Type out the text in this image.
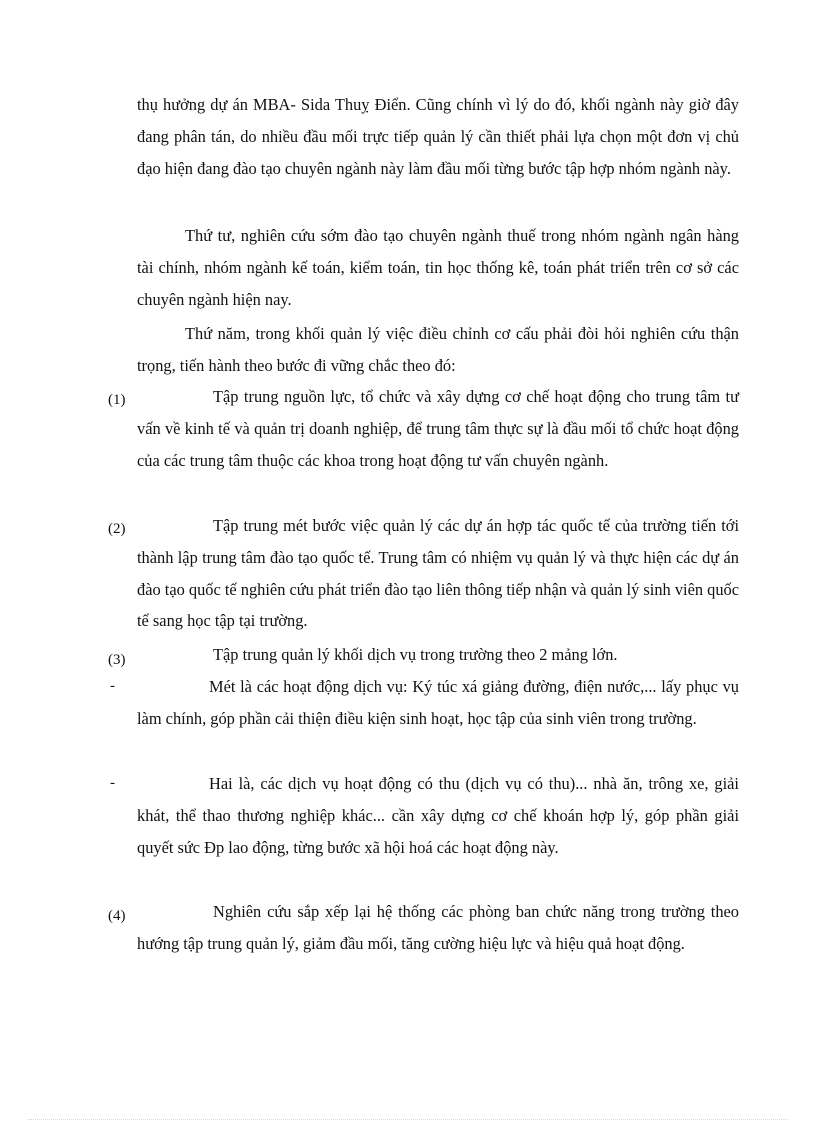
thụ hưởng dự án MBA- Sida Thuỵ Điển. Cũng chính vì lý do đó, khối ngành này giờ đây đang phân tán, do nhiều đầu mối trực tiếp quản lý cần thiết phải lựa chọn một đơn vị chủ đạo hiện đang đào tạo chuyên ngành này làm đầu mối từng bước tập hợp nhóm ngành này.

Thứ tư, nghiên cứu sớm đào tạo chuyên ngành thuế trong nhóm ngành ngân hàng tài chính, nhóm ngành kế toán, kiểm toán, tin học thống kê, toán phát triển trên cơ sở các chuyên ngành hiện nay.

Thứ năm, trong khối quản lý việc điều chỉnh cơ cấu phải đòi hỏi nghiên cứu thận trọng, tiến hành theo bước đi vững chắc theo đó:

(1)	Tập trung nguồn lực, tổ chức và xây dựng cơ chế hoạt động cho trung tâm tư vấn về kinh tế và quản trị doanh nghiệp, để trung tâm thực sự là đầu mối tổ chức hoạt động của các trung tâm thuộc các khoa trong hoạt động tư vấn chuyên ngành.

(2)	Tập trung mét bước việc quản lý các dự án hợp tác quốc tế của trường tiến tới thành lập trung tâm đào tạo quốc tế. Trung tâm có nhiệm vụ quản lý và thực hiện các dự án đào tạo quốc tế nghiên cứu phát triển đào tạo liên thông tiếp nhận và quản lý sinh viên quốc tế sang học tập tại trường.

(3)	Tập trung quản lý khối dịch vụ trong trường theo 2 mảng lớn.

-	Mét là các hoạt động dịch vụ: Ký túc xá giảng đường, điện nước,... lấy phục vụ làm chính, góp phần cải thiện điều kiện sinh hoạt, học tập của sinh viên trong trường.

-	Hai là, các dịch vụ hoạt động có thu (dịch vụ có thu)... nhà ăn, trông xe, giải khát, thể thao thương nghiệp khác... cần xây dựng cơ chế khoán hợp lý, góp phần giải quyết sức Ðp lao động, từng bước xã hội hoá các hoạt động này.

(4)	Nghiên cứu sắp xếp lại hệ thống các phòng ban chức năng trong trường theo hướng tập trung quản lý, giảm đầu mối, tăng cường hiệu lực và hiệu quả hoạt động.
